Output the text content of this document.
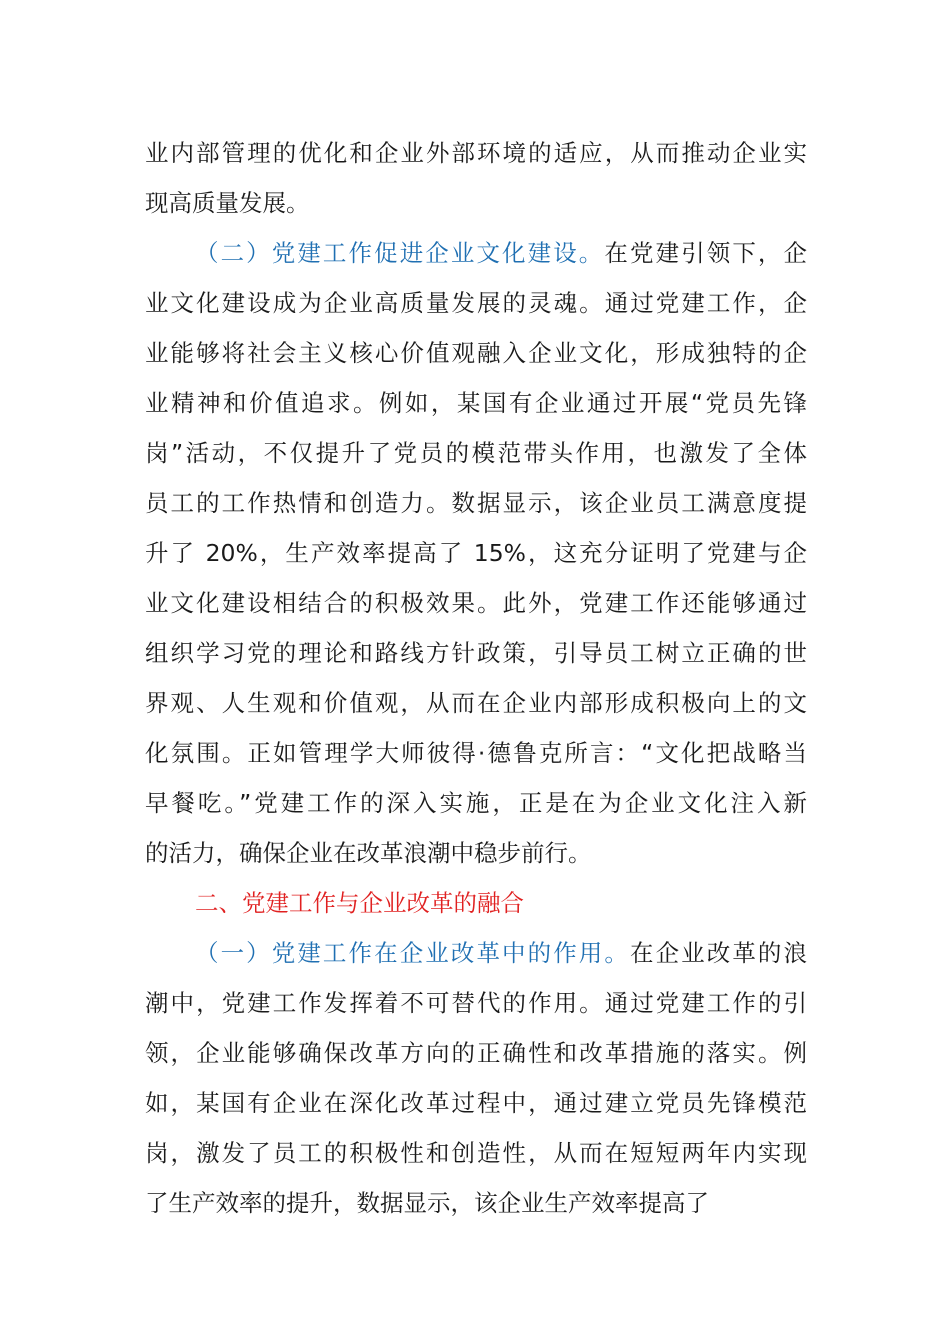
业内部管理的优化和企业外部环境的适应，从而推动企业实
现高质量发展。
（二）党建工作促进企业文化建设。在党建引领下，企
业文化建设成为企业高质量发展的灵魂。通过党建工作，企
业能够将社会主义核心价值观融入企业文化，形成独特的企
业精神和价值追求。例如，某国有企业通过开展“党员先锋
岗”活动，不仅提升了党员的模范带头作用，也激发了全体
员工的工作热情和创造力。数据显示，该企业员工满意度提
升了 20%，生产效率提高了 15%，这充分证明了党建与企
业文化建设相结合的积极效果。此外，党建工作还能够通过
组织学习党的理论和路线方针政策，引导员工树立正确的世
界观、人生观和价值观，从而在企业内部形成积极向上的文
化氛围。正如管理学大师彼得·德鲁克所言：“文化把战略当
早餐吃。”党建工作的深入实施，正是在为企业文化注入新
的活力，确保企业在改革浪潮中稳步前行。
二、党建工作与企业改革的融合
（一）党建工作在企业改革中的作用。在企业改革的浪
潮中，党建工作发挥着不可替代的作用。通过党建工作的引
领，企业能够确保改革方向的正确性和改革措施的落实。例
如，某国有企业在深化改革过程中，通过建立党员先锋模范
岗，激发了员工的积极性和创造性，从而在短短两年内实现
了生产效率的提升，数据显示，该企业生产效率提高了
